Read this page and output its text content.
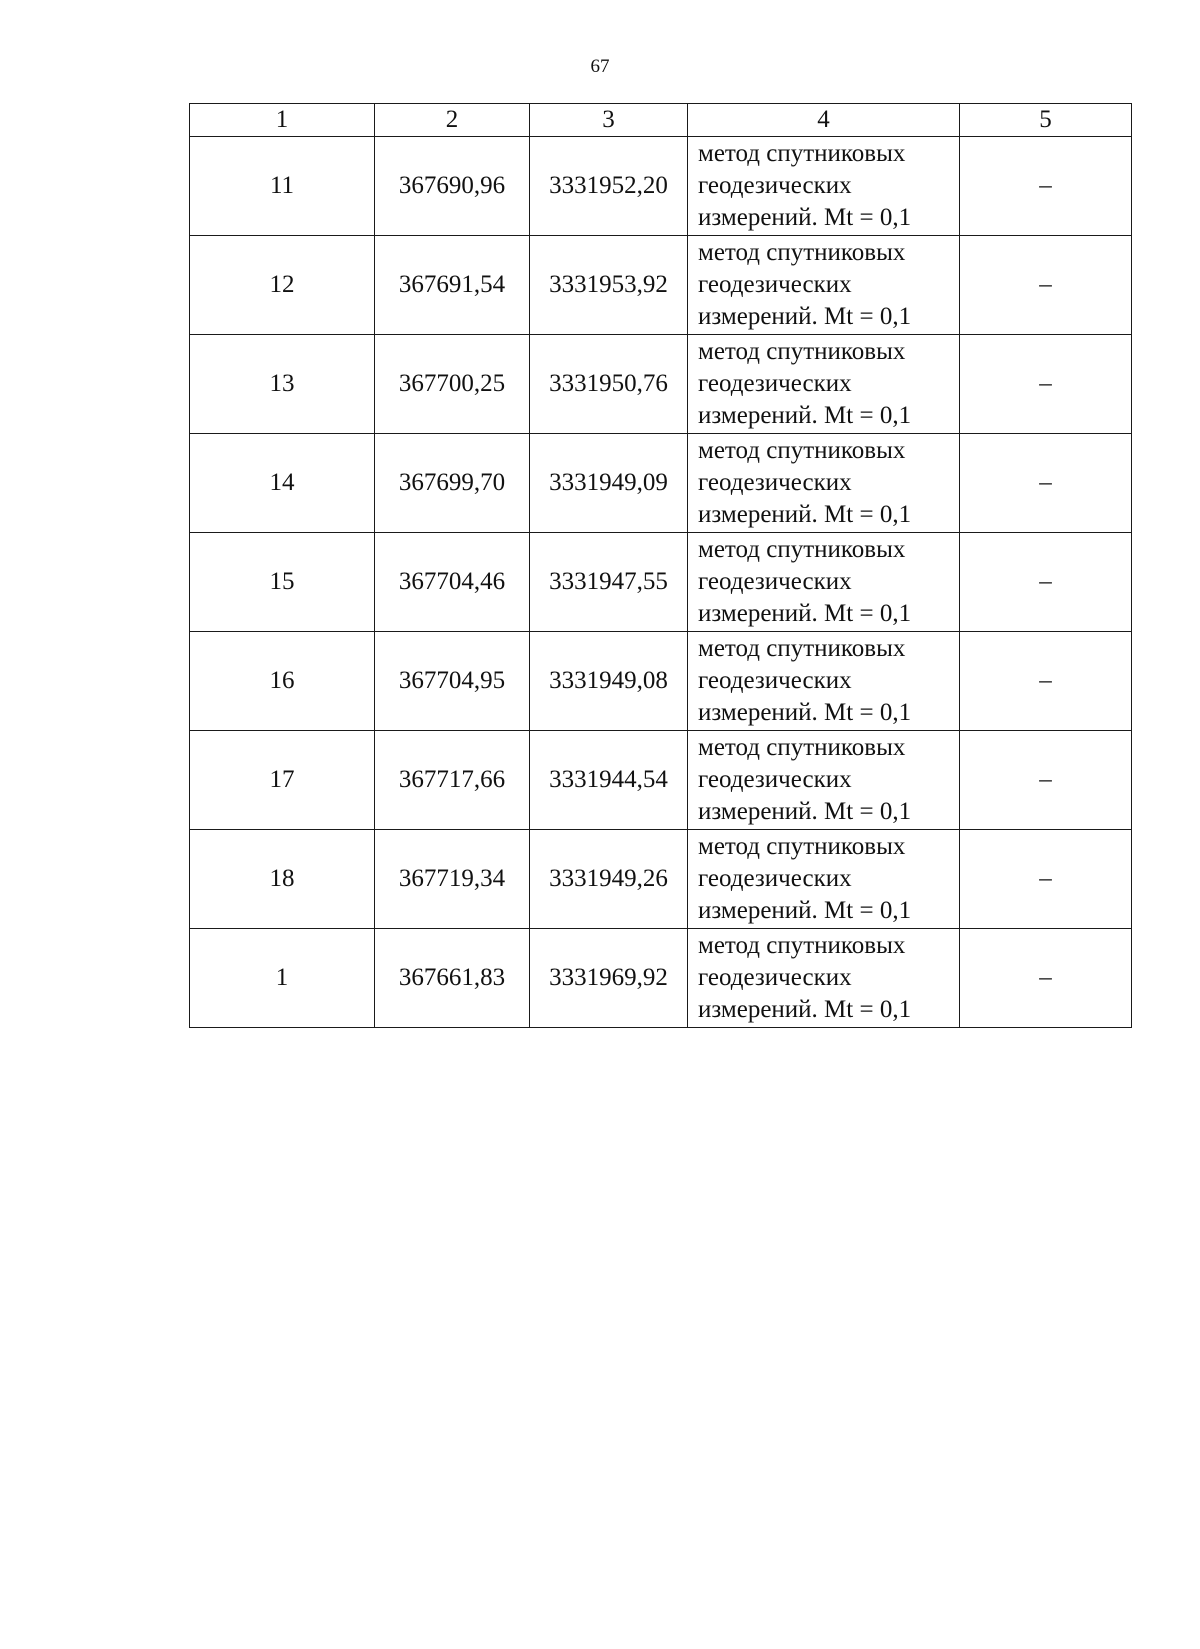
67
1	2	3	4	5
11	367690,96	3331952,20	метод спутниковых
геодезических
измерений. Mt = 0,1	–
12	367691,54	3331953,92	метод спутниковых
геодезических
измерений. Mt = 0,1	–
13	367700,25	3331950,76	метод спутниковых
геодезических
измерений. Mt = 0,1	–
14	367699,70	3331949,09	метод спутниковых
геодезических
измерений. Mt = 0,1	–
15	367704,46	3331947,55	метод спутниковых
геодезических
измерений. Mt = 0,1	–
16	367704,95	3331949,08	метод спутниковых
геодезических
измерений. Mt = 0,1	–
17	367717,66	3331944,54	метод спутниковых
геодезических
измерений. Mt = 0,1	–
18	367719,34	3331949,26	метод спутниковых
геодезических
измерений. Mt = 0,1	–
1	367661,83	3331969,92	метод спутниковых
геодезических
измерений. Mt = 0,1	–
